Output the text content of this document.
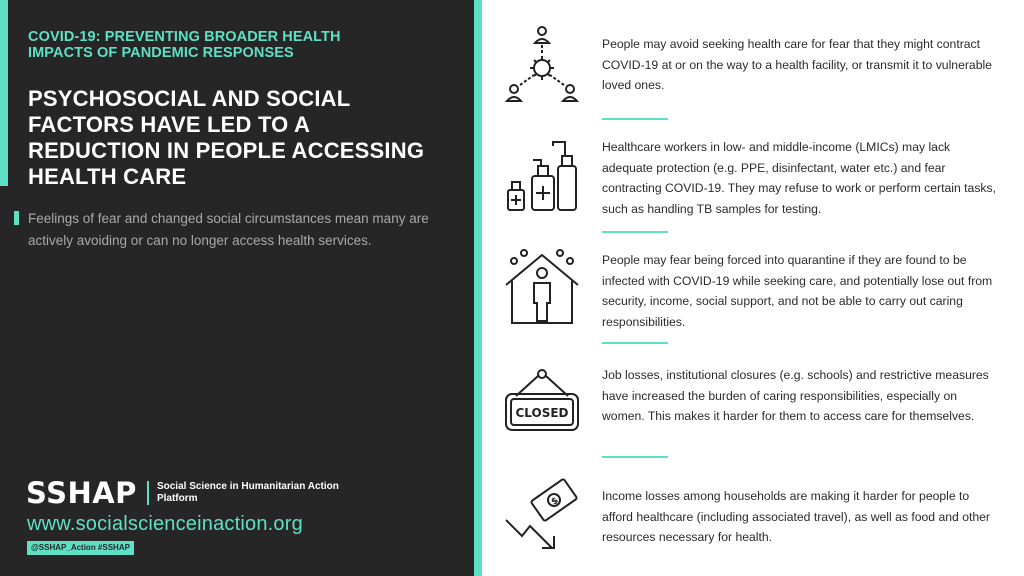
COVID-19: PREVENTING BROADER HEALTH IMPACTS OF PANDEMIC RESPONSES
PSYCHOSOCIAL AND SOCIAL FACTORS HAVE LED TO A REDUCTION IN PEOPLE ACCESSING HEALTH CARE
Feelings of fear and changed social circumstances mean many are actively avoiding or can no longer access health services.
SSHAP Social Science in Humanitarian Action Platform
www.socialscienceinaction.org
@SSHAP_Action #SSHAP
People may avoid seeking health care for fear that they might contract COVID-19 at or on the way to a health facility, or transmit it to vulnerable loved ones.
Healthcare workers in low- and middle-income (LMICs) may lack adequate protection (e.g. PPE, disinfectant, water etc.) and fear contracting COVID-19. They may refuse to work or perform certain tasks, such as handling TB samples for testing.
People may fear being forced into quarantine if they are found to be infected with COVID-19 while seeking care, and potentially lose out from security, income, social support, and not be able to carry out caring responsibilities.
CLOSED
Job losses, institutional closures (e.g. schools) and restrictive measures have increased the burden of caring responsibilities, especially on women. This makes it harder for them to access care for themselves.
$	Income losses among households are making it harder for people to afford healthcare (including associated travel), as well as food and other resources necessary for health.
